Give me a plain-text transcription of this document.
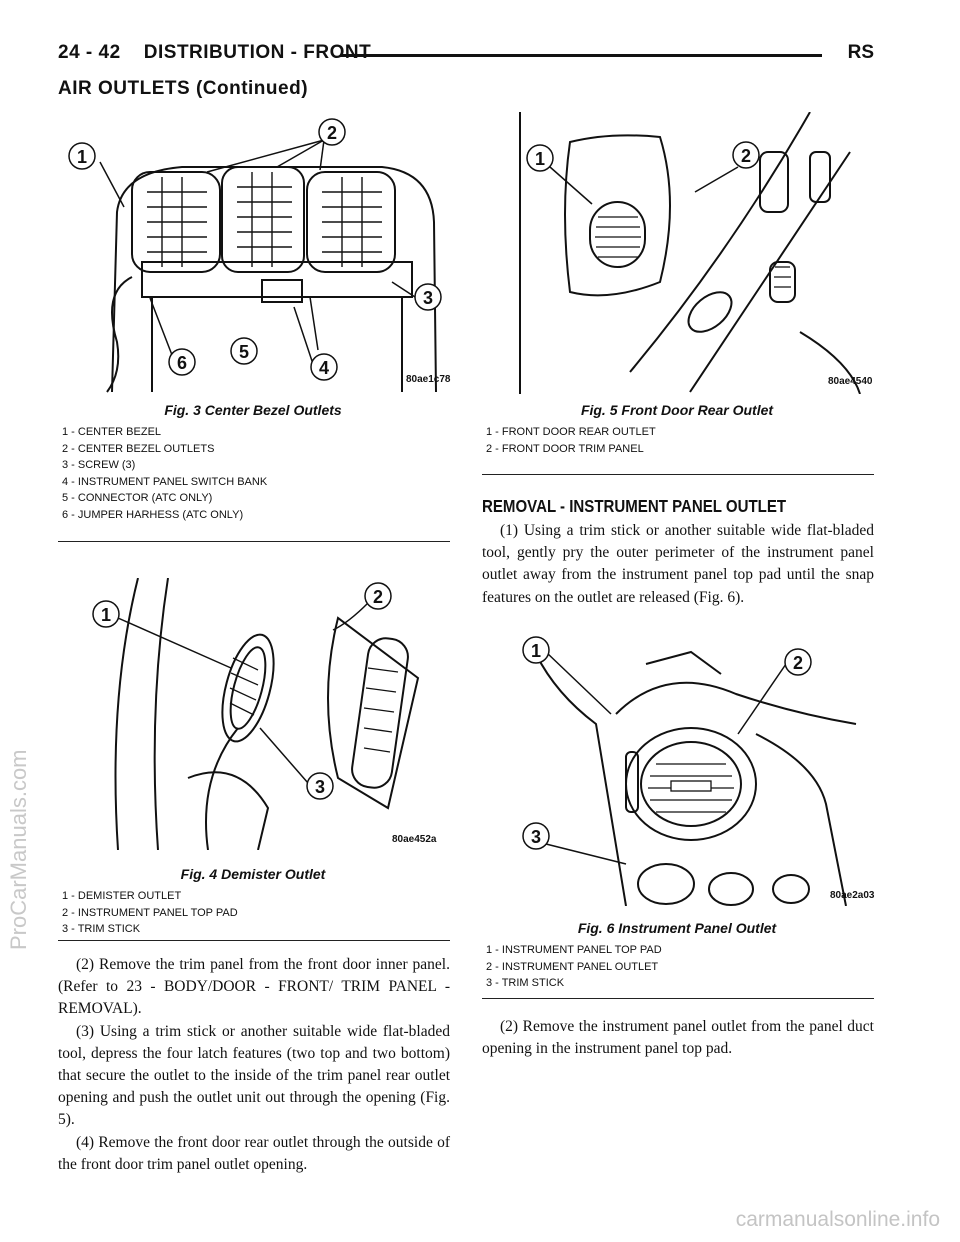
24 - 42    DISTRIBUTION - FRONT	RS
AIR OUTLETS (Continued)
1
2
3
4
5
6
80ae1c78
Fig. 3 Center Bezel Outlets
1 - CENTER BEZEL
2 - CENTER BEZEL OUTLETS
3 - SCREW (3)
4 - INSTRUMENT PANEL SWITCH BANK
5 - CONNECTOR (ATC ONLY)
6 - JUMPER HARHESS (ATC ONLY)
1
2
3
80ae452a
Fig. 4 Demister Outlet
1 - DEMISTER OUTLET
2 - INSTRUMENT PANEL TOP PAD
3 - TRIM STICK

(2) Remove the trim panel from the front door inner panel. (Refer to 23 - BODY/DOOR - FRONT/ TRIM PANEL - REMOVAL).

(3) Using a trim stick or another suitable wide flat-bladed tool, depress the four latch features (two top and two bottom) that secure the outlet to the inside of the trim panel rear outlet opening and push the outlet unit out through the opening (Fig. 5).

(4) Remove the front door rear outlet through the outside of the front door trim panel outlet opening.

1	2
80ae4540
Fig. 5 Front Door Rear Outlet
1 - FRONT DOOR REAR OUTLET
2 - FRONT DOOR TRIM PANEL
REMOVAL - INSTRUMENT PANEL OUTLET

(1) Using a trim stick or another suitable wide flat-bladed tool, gently pry the outer perimeter of the instrument panel outlet away from the instrument panel top pad until the snap features on the outlet are released (Fig. 6).

1
2
3
80ae2a03
Fig. 6 Instrument Panel Outlet
1 - INSTRUMENT PANEL TOP PAD
2 - INSTRUMENT PANEL OUTLET
3 - TRIM STICK

(2) Remove the instrument panel outlet from the panel duct opening in the instrument panel top pad.

ProCarManuals.com
carmanualsonline.info
